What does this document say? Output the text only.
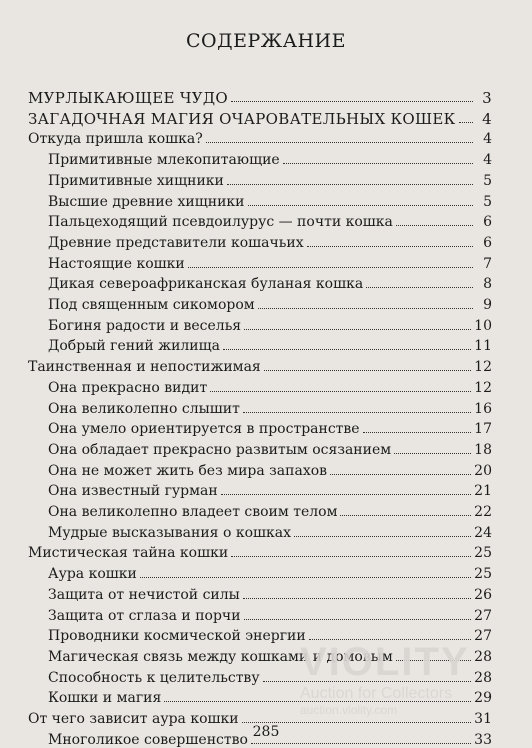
СОДЕРЖАНИЕ
МУРЛЫКАЮЩЕЕ ЧУДО	3
ЗАГАДОЧНАЯ МАГИЯ ОЧАРОВАТЕЛЬНЫХ КОШЕК	4
Откуда пришла кошка?	4
Примитивные млекопитающие	4
Примитивные хищники	5
Высшие древние хищники	5
Пальцеходящий псевдоилурус — почти кошка	6
Древние представители кошачьих	6
Настоящие кошки	7
Дикая североафриканская буланая кошка	8
Под священным сикомором	9
Богиня радости и веселья	10
Добрый гений жилища	11
Таинственная и непостижимая	12
Она прекрасно видит	12
Она великолепно слышит	16
Она умело ориентируется в пространстве	17
Она обладает прекрасно развитым осязанием	18
Она не может жить без мира запахов	20
Она известный гурман	21
Она великолепно владеет своим телом	22
Мудрые высказывания о кошках	24
Мистическая тайна кошки	25
Аура кошки	25
Защита от нечистой силы	26
Защита от сглаза и порчи	27
Проводники космической энергии	27
Магическая связь между кошками и домовым	28
Способность к целительству	28
Кошки и магия	29
От чего зависит аура кошки	31
Многоликое совершенство	33
VIOLITY
Auction for Collectors
auction.violity.com
285
